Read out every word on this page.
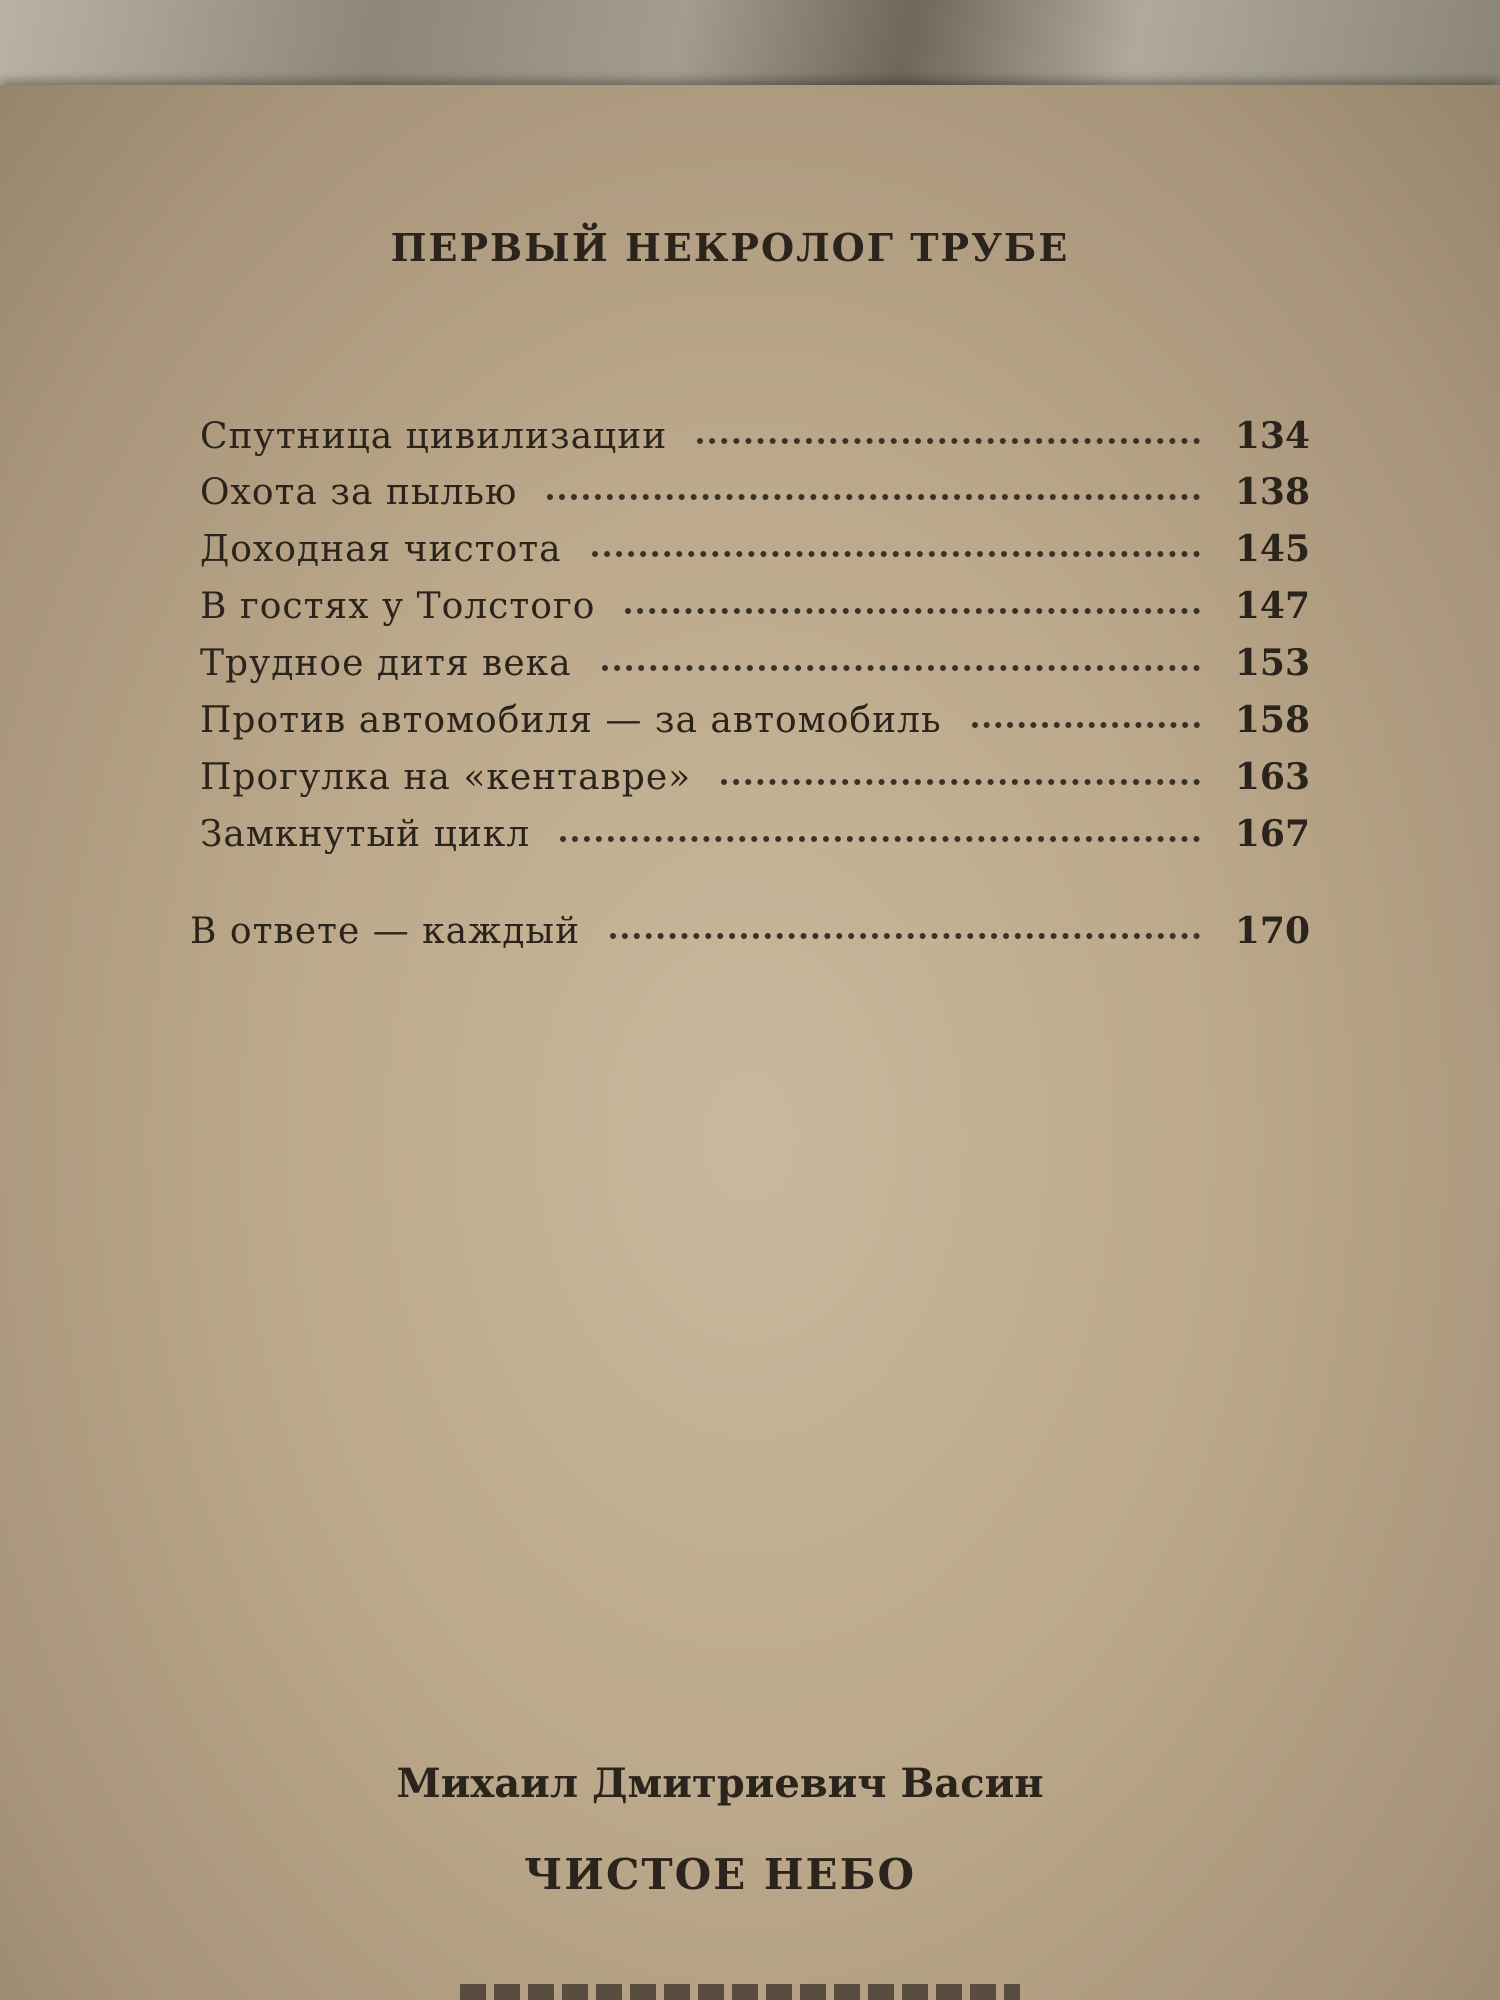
ПЕРВЫЙ НЕКРОЛОГ ТРУБЕ
Спутница цивилизации	134
Охота за пылью	138
Доходная чистота	145
В гостях у Толстого	147
Трудное дитя века	153
Против автомобиля — за автомобиль	158
Прогулка на «кентавре»	163
Замкнутый цикл	167
В ответе — каждый	170
Михаил Дмитриевич Васин
ЧИСТОЕ НЕБО
